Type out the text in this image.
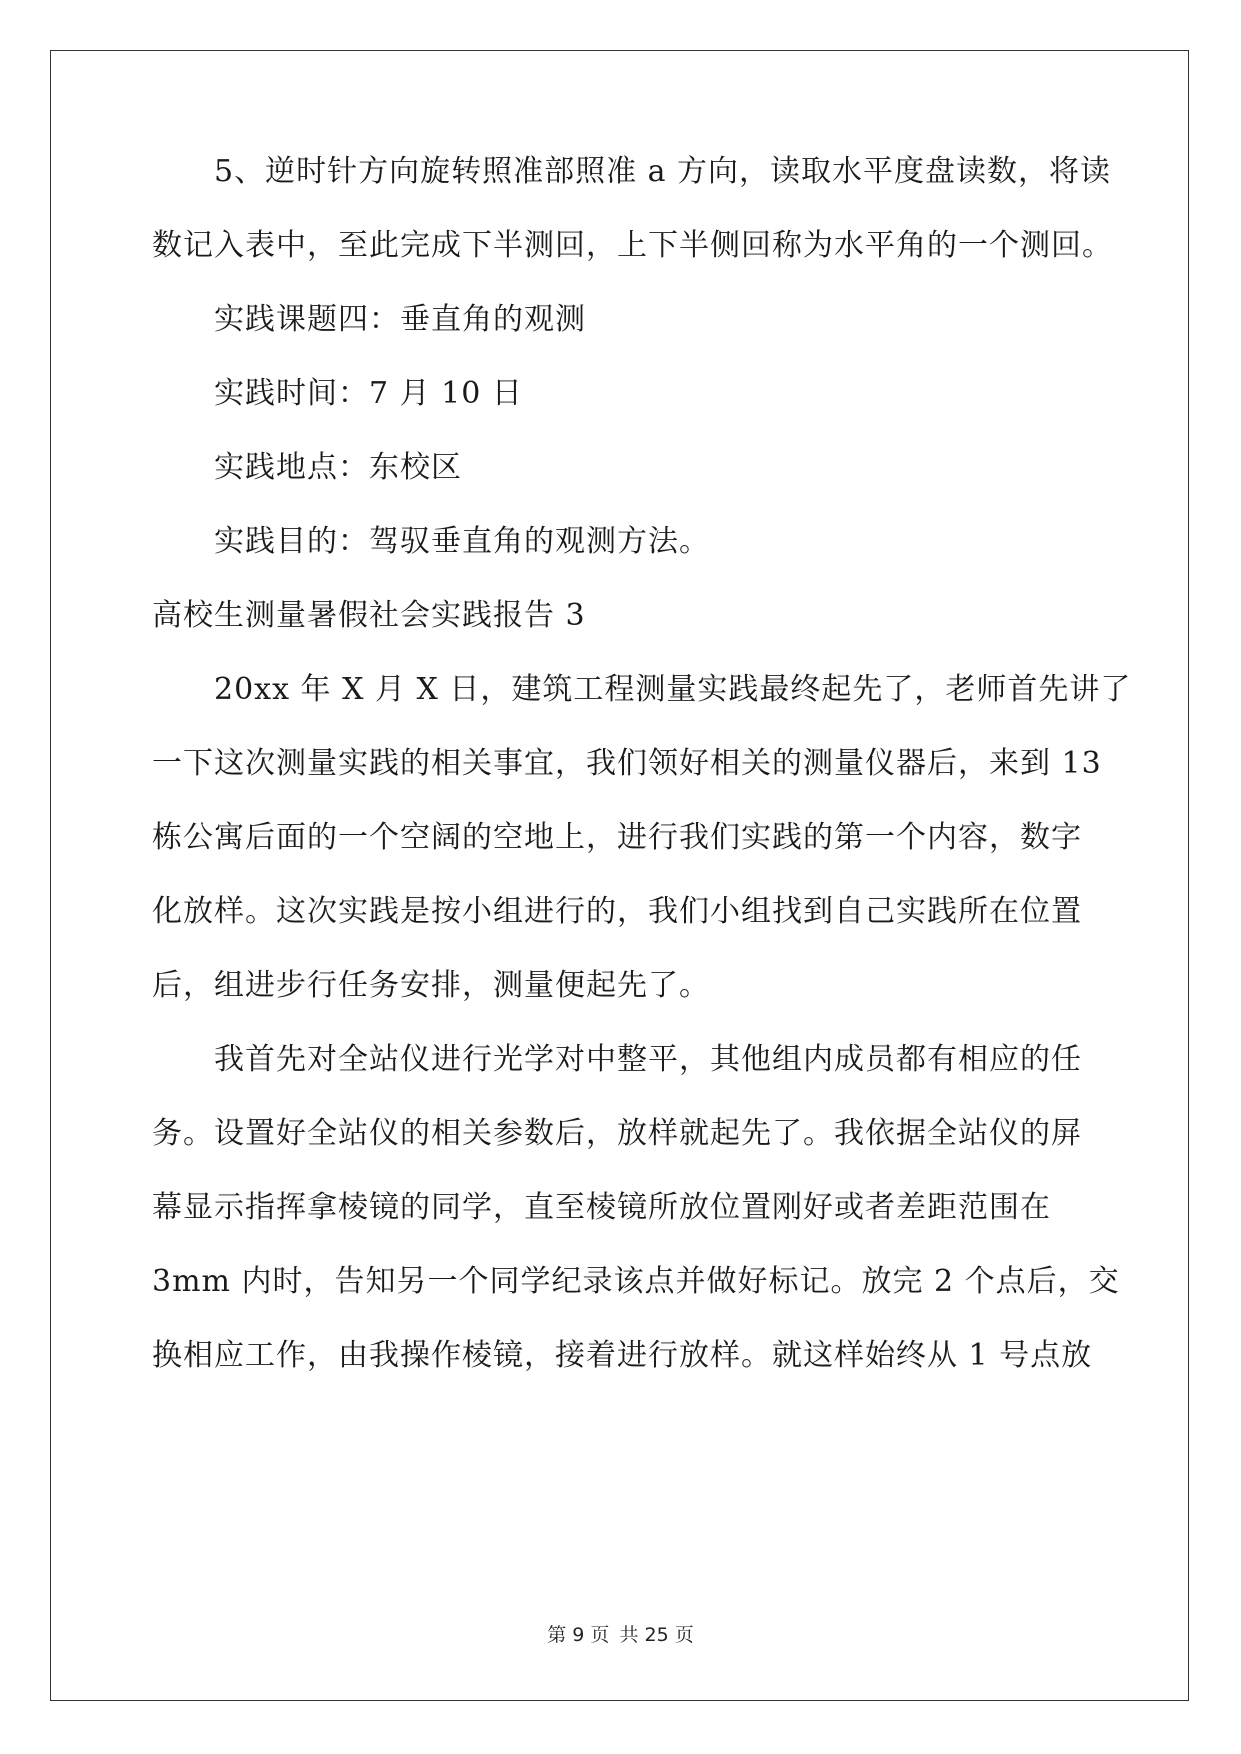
　　5、逆时针方向旋转照准部照准 a 方向，读取水平度盘读数，将读
数记入表中，至此完成下半测回，上下半侧回称为水平角的一个测回。
　　实践课题四：垂直角的观测
　　实践时间：7 月 10 日
　　实践地点：东校区
　　实践目的：驾驭垂直角的观测方法。
高校生测量暑假社会实践报告 3
　　20xx 年 X 月 X 日，建筑工程测量实践最终起先了，老师首先讲了
一下这次测量实践的相关事宜，我们领好相关的测量仪器后，来到 13
栋公寓后面的一个空阔的空地上，进行我们实践的第一个内容，数字
化放样。这次实践是按小组进行的，我们小组找到自己实践所在位置
后，组进步行任务安排，测量便起先了。
　　我首先对全站仪进行光学对中整平，其他组内成员都有相应的任
务。设置好全站仪的相关参数后，放样就起先了。我依据全站仪的屏
幕显示指挥拿棱镜的同学，直至棱镜所放位置刚好或者差距范围在
3mm 内时，告知另一个同学纪录该点并做好标记。放完 2 个点后，交
换相应工作，由我操作棱镜，接着进行放样。就这样始终从 1 号点放
第 9 页 共 25 页
